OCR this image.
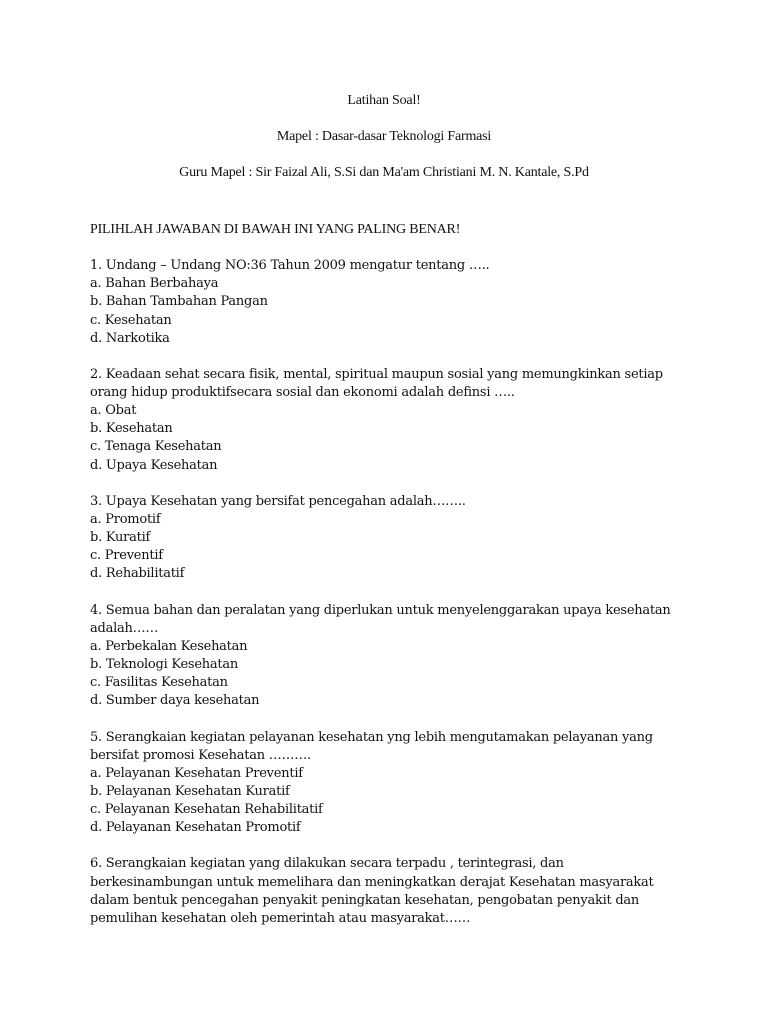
Latihan Soal!
Mapel : Dasar-dasar Teknologi Farmasi
Guru Mapel : Sir Faizal Ali, S.Si dan Ma'am Christiani M. N. Kantale, S.Pd
PILIHLAH JAWABAN DI BAWAH INI YANG PALING BENAR!
1. Undang – Undang NO:36 Tahun 2009 mengatur tentang …..
a. Bahan Berbahaya
b. Bahan Tambahan Pangan
c. Kesehatan
d. Narkotika
2. Keadaan sehat secara fisik, mental, spiritual maupun sosial yang memungkinkan setiap
orang hidup produktifsecara sosial dan ekonomi adalah definsi …..
a. Obat
b. Kesehatan
c. Tenaga Kesehatan
d. Upaya Kesehatan
3. Upaya Kesehatan yang bersifat pencegahan adalah……..
a. Promotif
b. Kuratif
c. Preventif
d. Rehabilitatif
4. Semua bahan dan peralatan yang diperlukan untuk menyelenggarakan upaya kesehatan
adalah……
a. Perbekalan Kesehatan
b. Teknologi Kesehatan
c. Fasilitas Kesehatan
d. Sumber daya kesehatan
5. Serangkaian kegiatan pelayanan kesehatan yng lebih mengutamakan pelayanan yang
bersifat promosi Kesehatan ……….
a. Pelayanan Kesehatan Preventif
b. Pelayanan Kesehatan Kuratif
c. Pelayanan Kesehatan Rehabilitatif
d. Pelayanan Kesehatan Promotif
6. Serangkaian kegiatan yang dilakukan secara terpadu , terintegrasi, dan
berkesinambungan untuk memelihara dan meningkatkan derajat Kesehatan masyarakat
dalam bentuk pencegahan penyakit peningkatan kesehatan, pengobatan penyakit dan
pemulihan kesehatan oleh pemerintah atau masyarakat……
